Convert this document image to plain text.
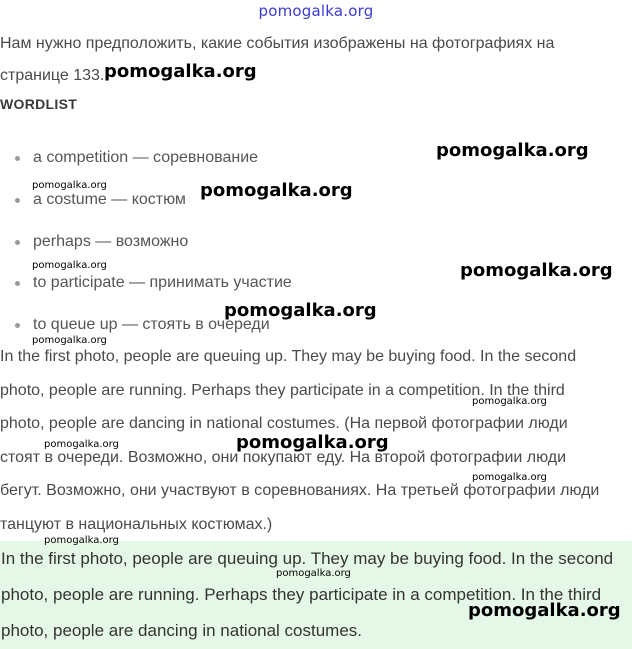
pomogalka.org
Нам нужно предположить, какие события изображены на фотографиях на странице 133.
WORDLIST
a competition — соревнование
a costume — костюм
perhaps — возможно
to participate — принимать участие
to queue up — стоять в очереди
In the first photo, people are queuing up. They may be buying food. In the second photo, people are running. Perhaps they participate in a competition. In the third photo, people are dancing in national costumes. (На первой фотографии люди стоят в очереди. Возможно, они покупают еду. На второй фотографии люди бегут. Возможно, они участвуют в соревнованиях. На третьей фотографии люди танцуют в национальных костюмах.)

In the first photo, people are queuing up. They may be buying food. In the second photo, people are running. Perhaps they participate in a competition. In the third photo, people are dancing in national costumes.

pomogalka.org
pomogalka.org
pomogalka.org	pomogalka.org
pomogalka.org	pomogalka.org
pomogalka.org
pomogalka.org
pomogalka.org
pomogalka.org
pomogalka.org
pomogalka.org
pomogalka.org
pomogalka.org
pomogalka.org
